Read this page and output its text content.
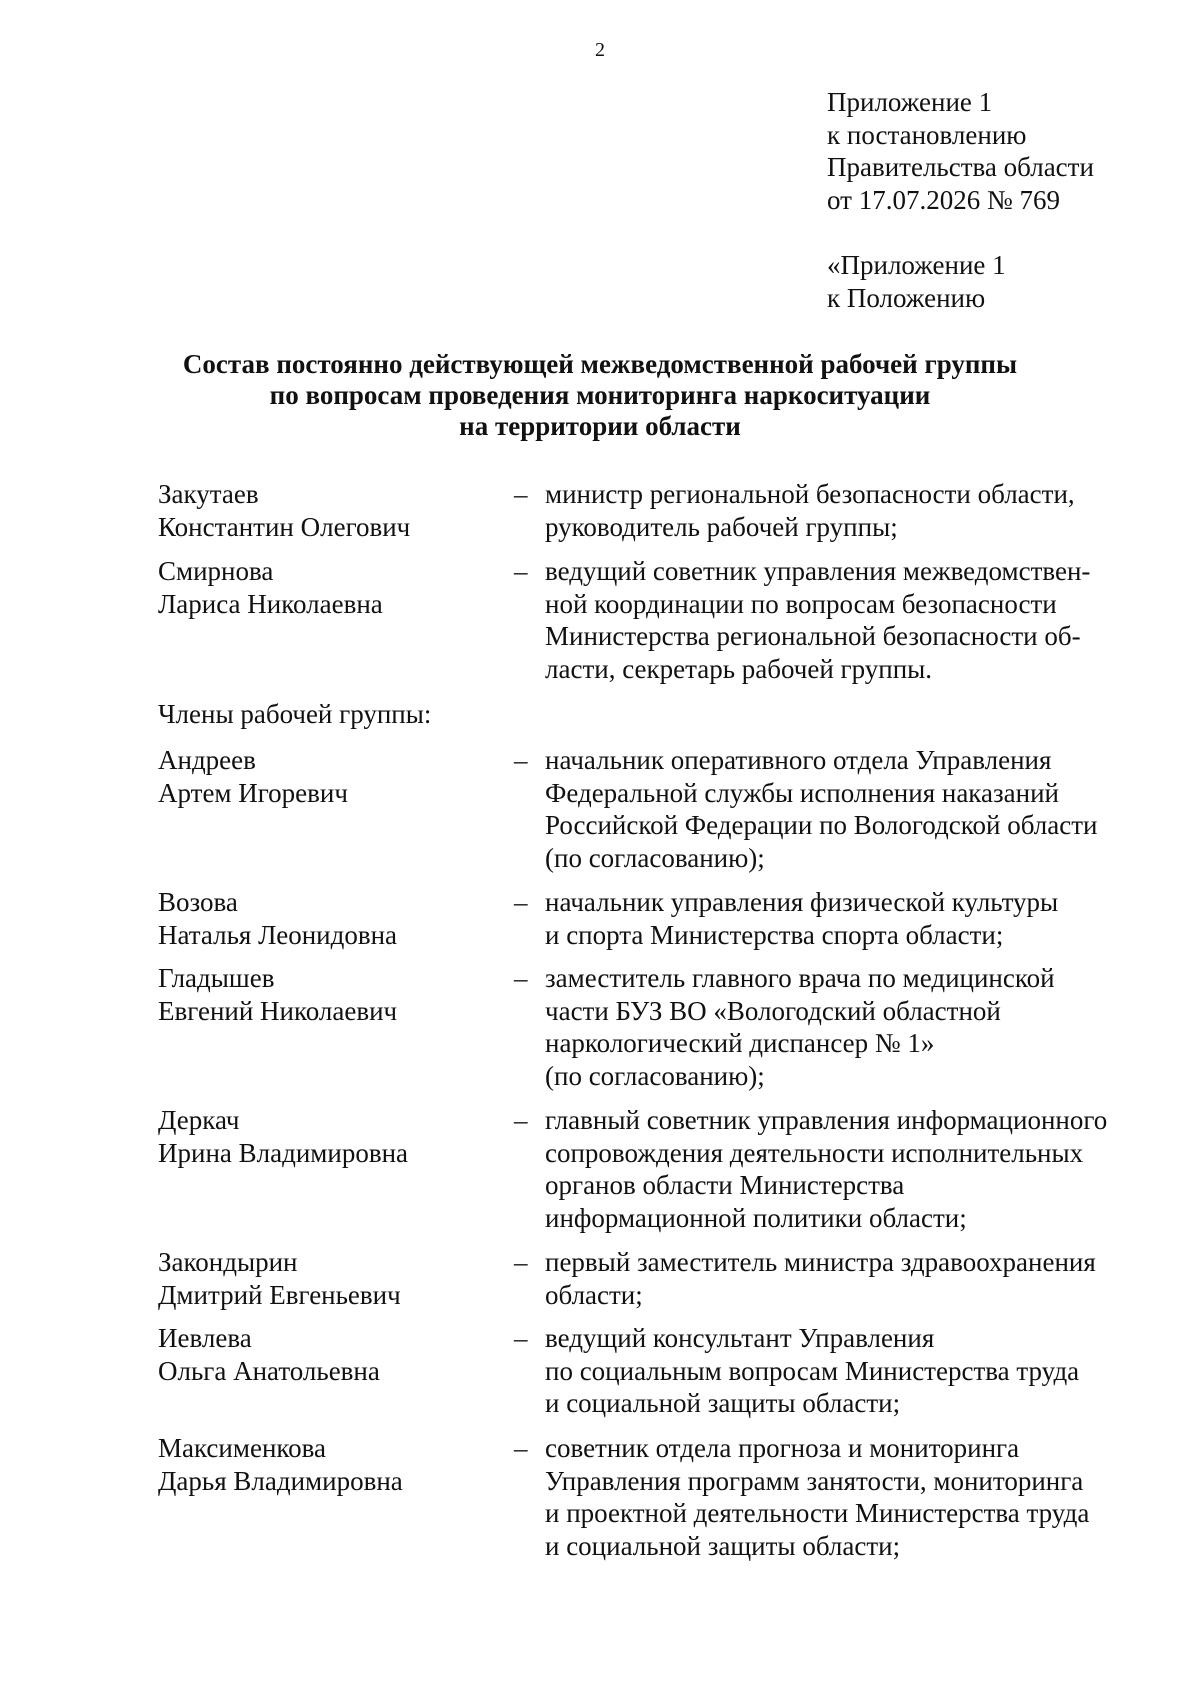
2
Приложение 1
к постановлению
Правительства области
от 17.07.2026 № 769
«Приложение 1
к Положению
Состав постоянно действующей межведомственной рабочей группы
по вопросам проведения мониторинга наркоситуации
на территории области
Закутаев
Константин Олегович
– министр региональной безопасности области,
руководитель рабочей группы;
Смирнова
Лариса Николаевна
– ведущий советник управления межведомствен-
ной координации по вопросам безопасности
Министерства региональной безопасности об-
ласти, секретарь рабочей группы.
Члены рабочей группы:
Андреев
Артем Игоревич
– начальник оперативного отдела Управления
Федеральной службы исполнения наказаний
Российской Федерации по Вологодской области
(по согласованию);
Возова
Наталья Леонидовна
– начальник управления физической культуры
и спорта Министерства спорта области;
Гладышев
Евгений Николаевич
– заместитель главного врача по медицинской
части БУЗ ВО «Вологодский областной
наркологический диспансер № 1»
(по согласованию);
Деркач
Ирина Владимировна
– главный советник управления информационного
сопровождения деятельности исполнительных
органов области Министерства
информационной политики области;
Закондырин
Дмитрий Евгеньевич
– первый заместитель министра здравоохранения
области;
Иевлева
Ольга Анатольевна
– ведущий консультант Управления
по социальным вопросам Министерства труда
и социальной защиты области;
Максименкова
Дарья Владимировна
– советник отдела прогноза и мониторинга
Управления программ занятости, мониторинга
и проектной деятельности Министерства труда
и социальной защиты области;
